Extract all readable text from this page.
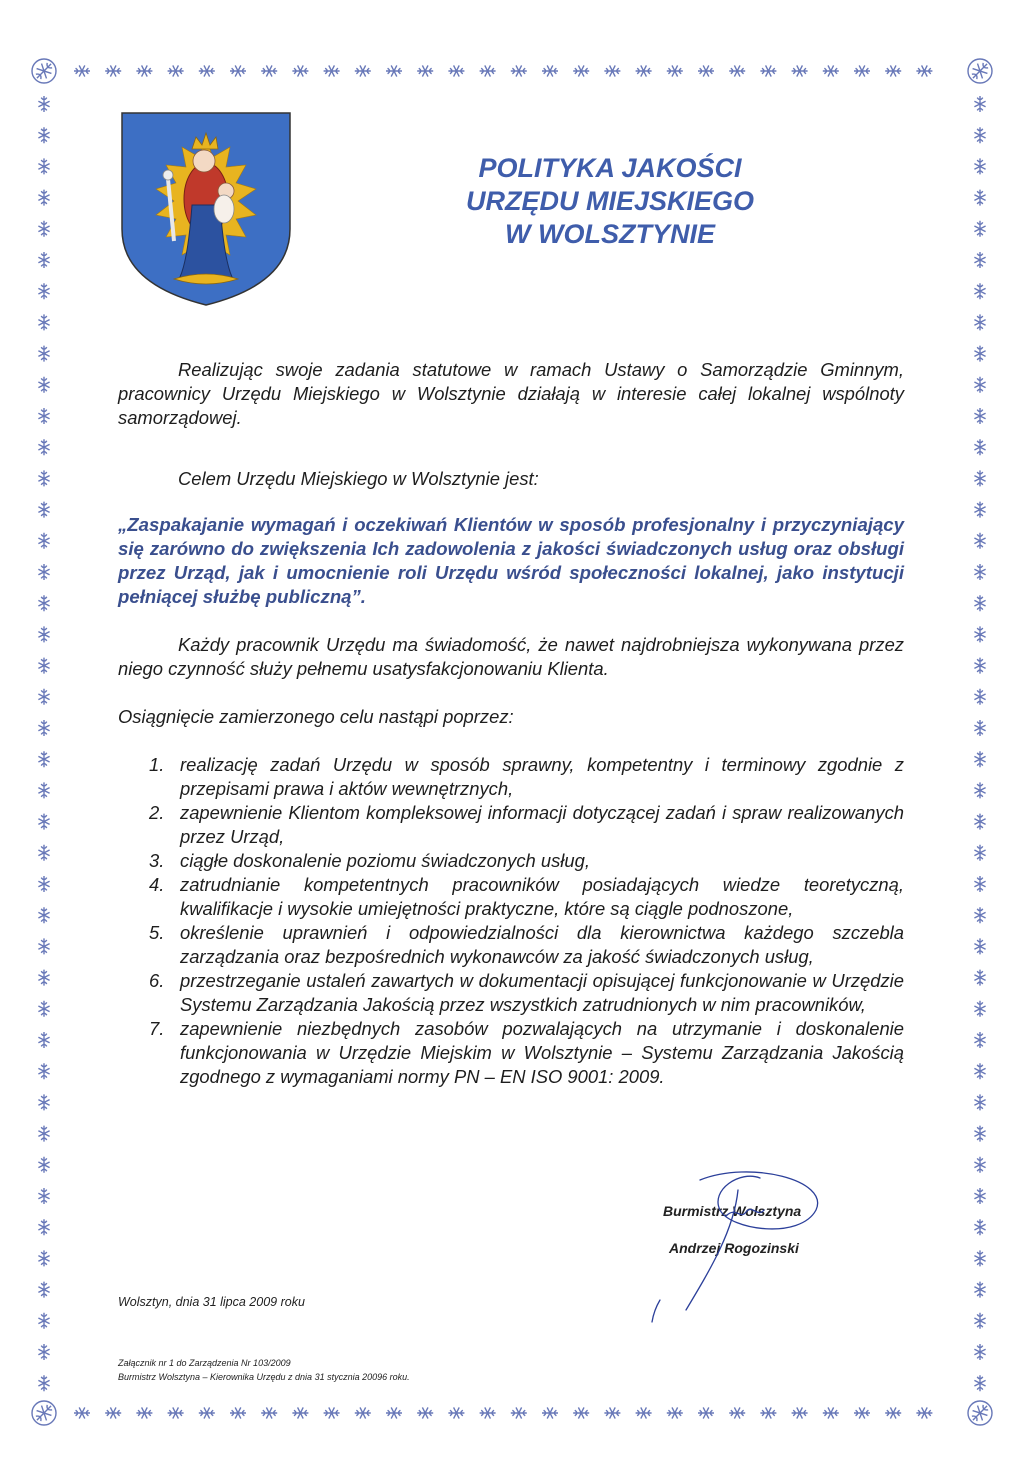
POLITYKA JAKOŚCI
URZĘDU MIEJSKIEGO
W WOLSZTYNIE

Realizując swoje zadania statutowe w ramach Ustawy o Samorządzie Gminnym, pracownicy Urzędu Miejskiego w Wolsztynie działają w interesie całej lokalnej wspólnoty samorządowej.

Celem Urzędu Miejskiego w Wolsztynie jest:

„Zaspakajanie wymagań i oczekiwań Klientów w sposób profesjonalny i przyczyniający się zarówno do zwiększenia Ich zadowolenia z jakości świadczonych usług oraz obsługi przez Urząd, jak i umocnienie roli Urzędu wśród społeczności lokalnej, jako instytucji pełniącej służbę publiczną”.

Każdy pracownik Urzędu ma świadomość, że nawet najdrobniejsza wykonywana przez niego czynność służy pełnemu usatysfakcjonowaniu Klienta.

Osiągnięcie zamierzonego celu nastąpi poprzez:

1. realizację zadań Urzędu w sposób sprawny, kompetentny i terminowy zgodnie z przepisami prawa i aktów wewnętrznych,
2. zapewnienie Klientom kompleksowej informacji dotyczącej zadań i spraw realizowanych przez Urząd,
3. ciągłe doskonalenie poziomu świadczonych usług,
4. zatrudnianie kompetentnych pracowników posiadających wiedze teoretyczną, kwalifikacje i wysokie umiejętności praktyczne, które są ciągle podnoszone,
5. określenie uprawnień i odpowiedzialności dla kierownictwa każdego szczebla zarządzania oraz bezpośrednich wykonawców za jakość świadczonych usług,
6. przestrzeganie ustaleń zawartych w dokumentacji opisującej funkcjonowanie w Urzędzie Systemu Zarządzania Jakością przez wszystkich zatrudnionych w nim pracowników,
7. zapewnienie niezbędnych zasobów pozwalających na utrzymanie i doskonalenie funkcjonowania w Urzędzie Miejskim w Wolsztynie – Systemu Zarządzania Jakością zgodnego z wymaganiami normy PN – EN ISO 9001: 2009.
Burmistrz Wolsztyna
Andrzej Rogozinski
Wolsztyn, dnia 31 lipca 2009 roku
Załącznik nr 1 do Zarządzenia Nr 103/2009
Burmistrz Wolsztyna – Kierownika Urzędu z dnia 31 stycznia 20096 roku.
